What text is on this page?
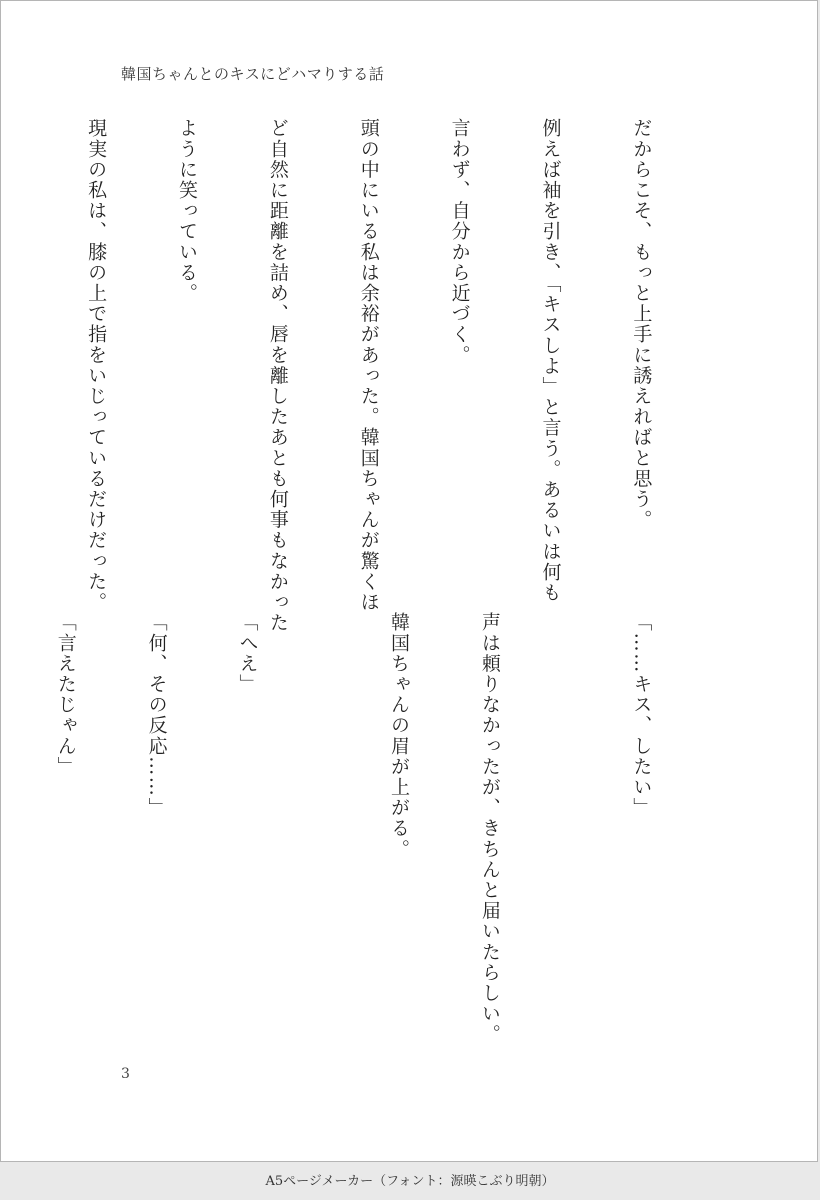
韓国ちゃんとのキスにどハマりする話

だからこそ、もっと上手に誘えればと思う。

例えば袖を引き、「キスしよ」と言う。あるいは何も

言わず、自分から近づく。

頭の中にいる私は余裕があった。韓国ちゃんが驚くほ

ど自然に距離を詰め、唇を離したあとも何事もなかった

ように笑っている。

現実の私は、膝の上で指をいじっているだけだった。

「……キス、したい」

声は頼りなかったが、きちんと届いたらしい。

韓国ちゃんの眉が上がる。

「へえ」

「何、その反応……」

「言えたじゃん」

3
A5ページメーカー（フォント：源暎こぶり明朝）
